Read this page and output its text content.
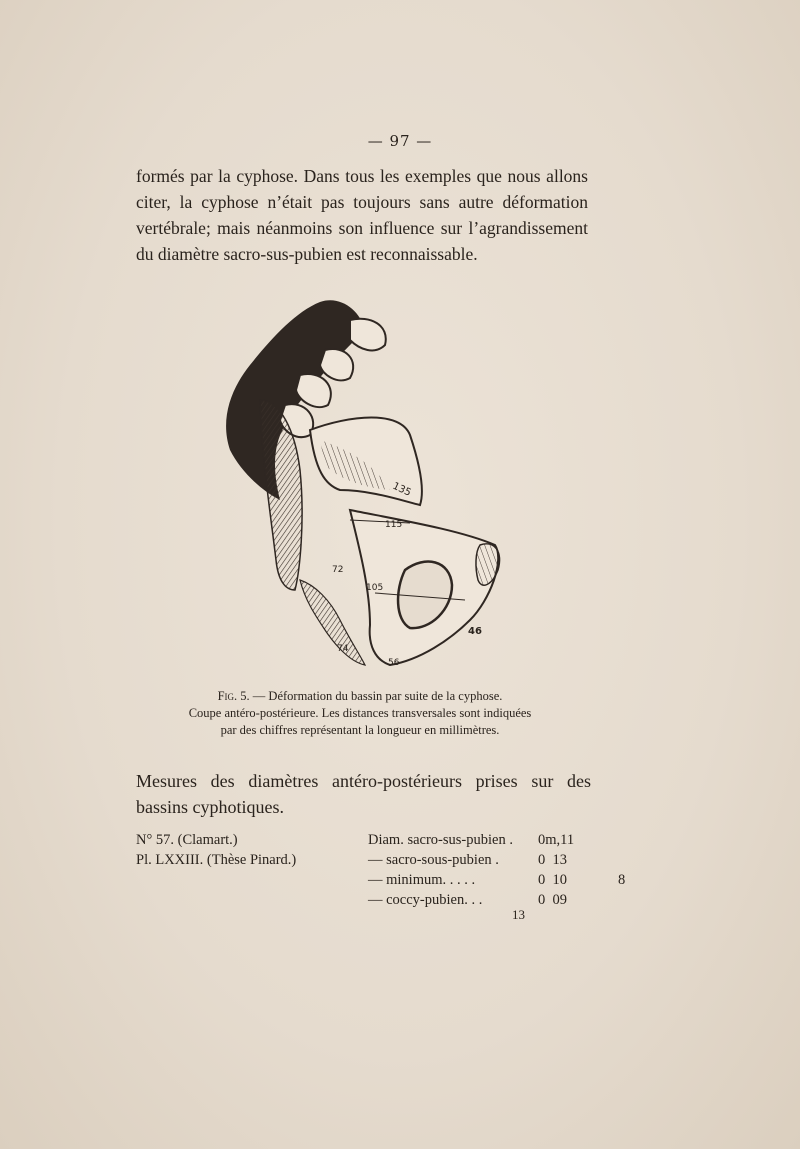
— 97 —

formés par la cyphose. Dans tous les exemples que nous allons citer, la cyphose n’était pas toujours sans autre déformation vertébrale; mais néanmoins son influence sur l’agrandissement du diamètre sacro-sus-pubien est reconnaissable.

135
115
72
105
46
74
56
Fig. 5. — Déformation du bassin par suite de la cyphose.
Coupe antéro-postérieure. Les distances transversales sont indiquées
par des chiffres représentant la longueur en millimètres.
Mesures des diamètres antéro-postérieurs prises sur des bassins cyphotiques.
N° 57. (Clamart.)
Pl. LXXIII. (Thèse Pinard.)
Diam. sacro-sus-pubien .	0m,11
— sacro-sous-pubien .	0  13
— minimum. . . . .	0  10	8
— coccy-pubien. . .	0  09
13
